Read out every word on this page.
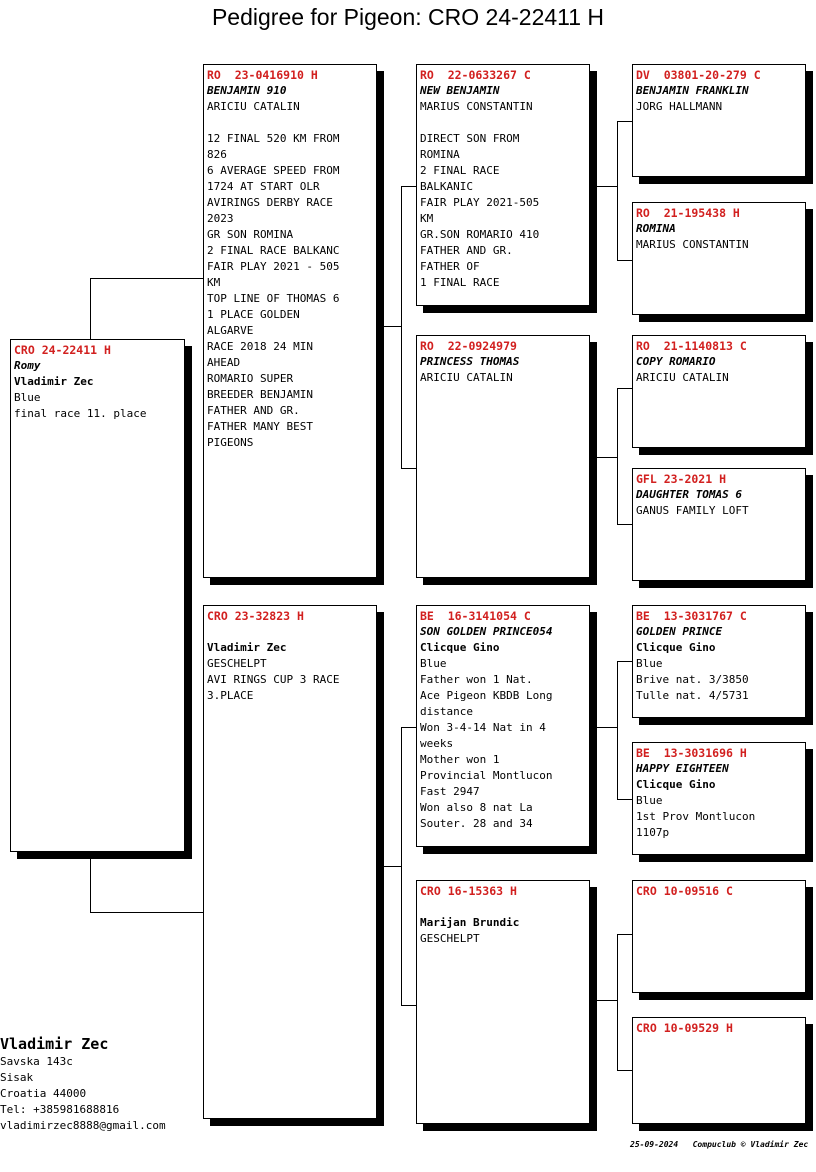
Pedigree for Pigeon: CRO 24-22411 H
CRO 24-22411 H
Romy
Vladimir Zec
Blue
final race 11. place
RO  23-0416910 H
BENJAMIN 910
ARICIU CATALIN
12 FINAL 520 KM FROM
826
6 AVERAGE SPEED FROM
1724 AT START OLR
AVIRINGS DERBY RACE
2023
GR SON ROMINA
2 FINAL RACE BALKANC
FAIR PLAY 2021 - 505
KM
TOP LINE OF THOMAS 6
1 PLACE GOLDEN
ALGARVE
RACE 2018 24 MIN
AHEAD
ROMARIO SUPER
BREEDER BENJAMIN
FATHER AND GR.
FATHER MANY BEST
PIGEONS
CRO 23-32823 H
Vladimir Zec
GESCHELPT
AVI RINGS CUP 3 RACE
3.PLACE
RO  22-0633267 C
NEW BENJAMIN
MARIUS CONSTANTIN
DIRECT SON FROM
ROMINA
2 FINAL RACE
BALKANIC
FAIR PLAY 2021-505
KM
GR.SON ROMARIO 410
FATHER AND GR.
FATHER OF
1 FINAL RACE
RO  22-0924979
PRINCESS THOMAS
ARICIU CATALIN
BE  16-3141054 C
SON GOLDEN PRINCE054
Clicque Gino
Blue
Father won 1 Nat.
Ace Pigeon KBDB Long
distance
Won 3-4-14 Nat in 4
weeks
Mother won 1
Provincial Montlucon
Fast 2947
Won also 8 nat La
Souter. 28 and 34
CRO 16-15363 H
Marijan Brundic
GESCHELPT
DV  03801-20-279 C
BENJAMIN FRANKLIN
JORG HALLMANN
RO  21-195438 H
ROMINA
MARIUS CONSTANTIN
RO  21-1140813 C
COPY ROMARIO
ARICIU CATALIN
GFL 23-2021 H
DAUGHTER TOMAS 6
GANUS FAMILY LOFT
BE  13-3031767 C
GOLDEN PRINCE
Clicque Gino
Blue
Brive nat. 3/3850
Tulle nat. 4/5731
BE  13-3031696 H
HAPPY EIGHTEEN
Clicque Gino
Blue
1st Prov Montlucon
1107p
CRO 10-09516 C
CRO 10-09529 H
Vladimir Zec
Savska 143c
Sisak
Croatia 44000
Tel: +385981688816
vladimirzec8888@gmail.com
25-09-2024   Compuclub © Vladimir Zec
